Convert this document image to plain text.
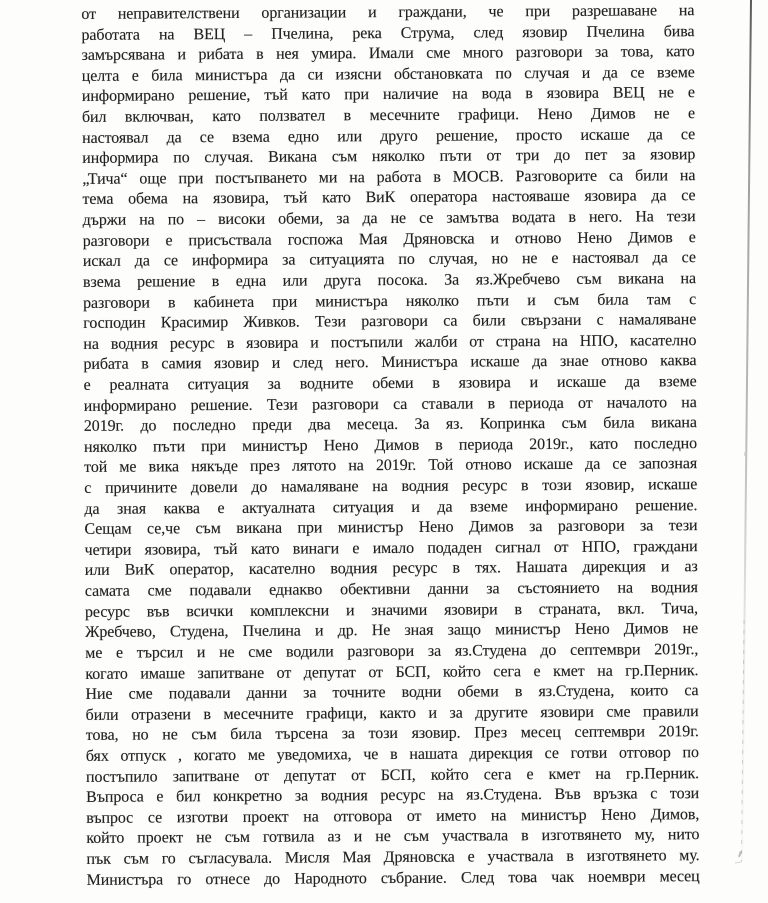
от неправителствени организации и граждани, че при разрешаване на
работата на ВЕЦ – Пчелина, река Струма, след язовир Пчелина бива
замърсявана и рибата в нея умира. Имали сме много разговори за това, като
целта е била министъра да си изясни обстановката по случая и да се вземе
информирано решение, тъй като при наличие на вода в язовира ВЕЦ не е
бил включван, като ползвател в месечните графици. Нено Димов не е
настоявал да се взема едно или друго решение, просто искаше да се
информира по случая. Викана съм няколко пъти от три до пет за язовир
„Тича“ още при постъпването ми на работа в МОСВ. Разговорите са били на
тема обема на язовира, тъй като ВиК оператора настояваше язовира да се
държи на по – високи обеми, за да не се замътва водата в него. На тези
разговори е присъствала госпожа Мая Дряновска и отново Нено Димов е
искал да се информира за ситуацията по случая, но не е настоявал да се
взема решение в една или друга посока. За яз.Жребчево съм викана на
разговори в кабинета при министъра няколко пъти и съм била там с
господин Красимир Живков. Тези разговори са били свързани с намаляване
на водния ресурс в язовира и постъпили жалби от страна на НПО, касателно
рибата в самия язовир и след него. Министъра искаше да знае отново каква
е реалната ситуация за водните обеми в язовира и искаше да вземе
информирано решение. Тези разговори са ставали в периода от началото на
2019г. до последно преди два месеца. За яз. Копринка съм била викана
няколко пъти при министър Нено Димов в периода 2019г., като последно
той ме вика някъде през лятото на 2019г. Той отново искаше да се запозная
с причините довели до намаляване на водния ресурс в този язовир, искаше
да зная каква е актуалната ситуация и да вземе информирано решение.
Сещам се,че съм викана при министър Нено Димов за разговори за тези
четири язовира, тъй като винаги е имало подаден сигнал от НПО, граждани
или ВиК оператор, касателно водния ресурс в тях. Нашата дирекция и аз
самата сме подавали еднакво обективни данни за състоянието на водния
ресурс във всички комплексни и значими язовири в страната, вкл. Тича,
Жребчево, Студена, Пчелина и др. Не зная защо министър Нено Димов не
ме е търсил и не сме водили разговори за яз.Студена до септември 2019г.,
когато имаше запитване от депутат от БСП, който сега е кмет на гр.Перник.
Ние сме подавали данни за точните водни обеми в яз.Студена, които са
били отразени в месечните графици, както и за другите язовири сме правили
това, но не съм била търсена за този язовир. През месец септември 2019г.
бях отпуск , когато ме уведомиха, че в нашата дирекция се готви отговор по
постъпило запитване от депутат от БСП, който сега е кмет на гр.Перник.
Въпроса е бил конкретно за водния ресурс на яз.Студена. Във връзка с този
въпрос се изготви проект на отговора от името на министър Нено Димов,
който проект не съм готвила аз и не съм участвала в изготвянето му, нито
пък съм го съгласувала. Мисля Мая Дряновска е участвала в изготвянето му.
Министъра го отнесе до Народното събрание. След това чак ноември месец
